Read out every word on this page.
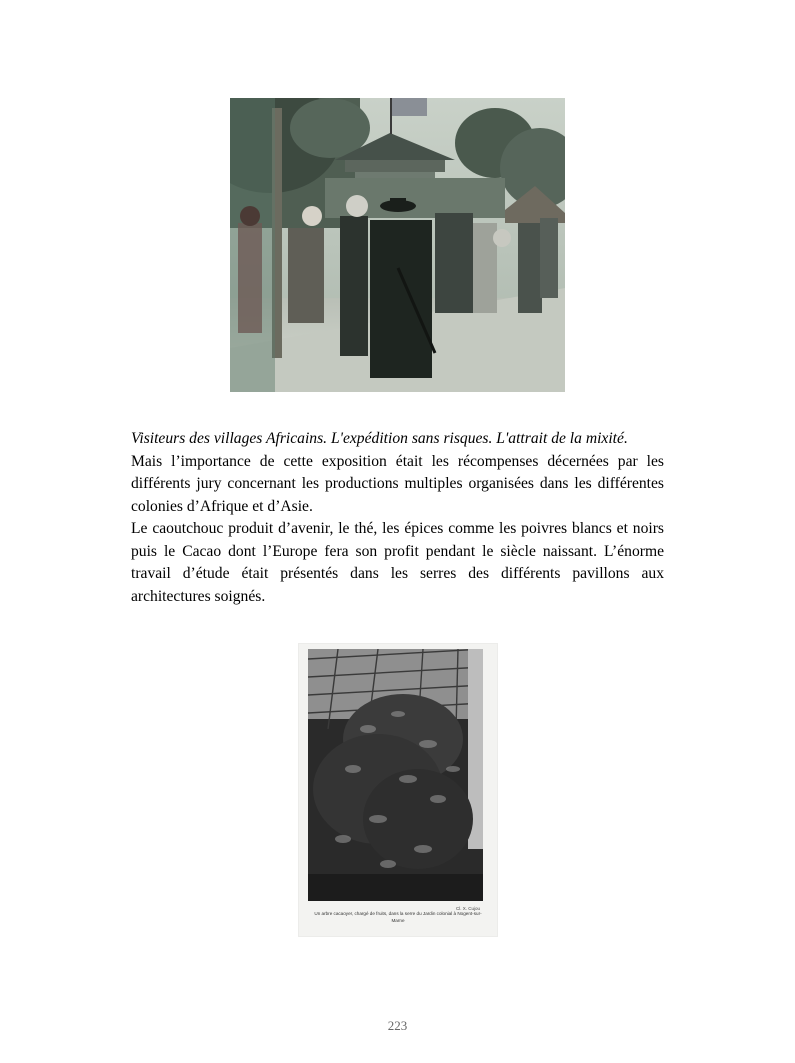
Visiteurs des villages Africains. L'expédition sans risques. L'attrait de la mixité.

Mais l’importance de cette exposition était les récompenses décernées par les différents jury concernant les productions multiples organisées dans les différentes colonies d’Afrique et d’Asie.

Le caoutchouc produit d’avenir, le thé, les épices comme les poivres blancs et noirs puis le Cacao dont l’Europe fera son profit pendant le siècle naissant. L’énorme travail d’étude était présentés dans les serres des différents pavillons aux architectures soignés.

Cl. X. Cujou
Un arbre cacaoyer, chargé de fruits, dans la serre du Jardin colonial à Nogent-sur-Marne
223
